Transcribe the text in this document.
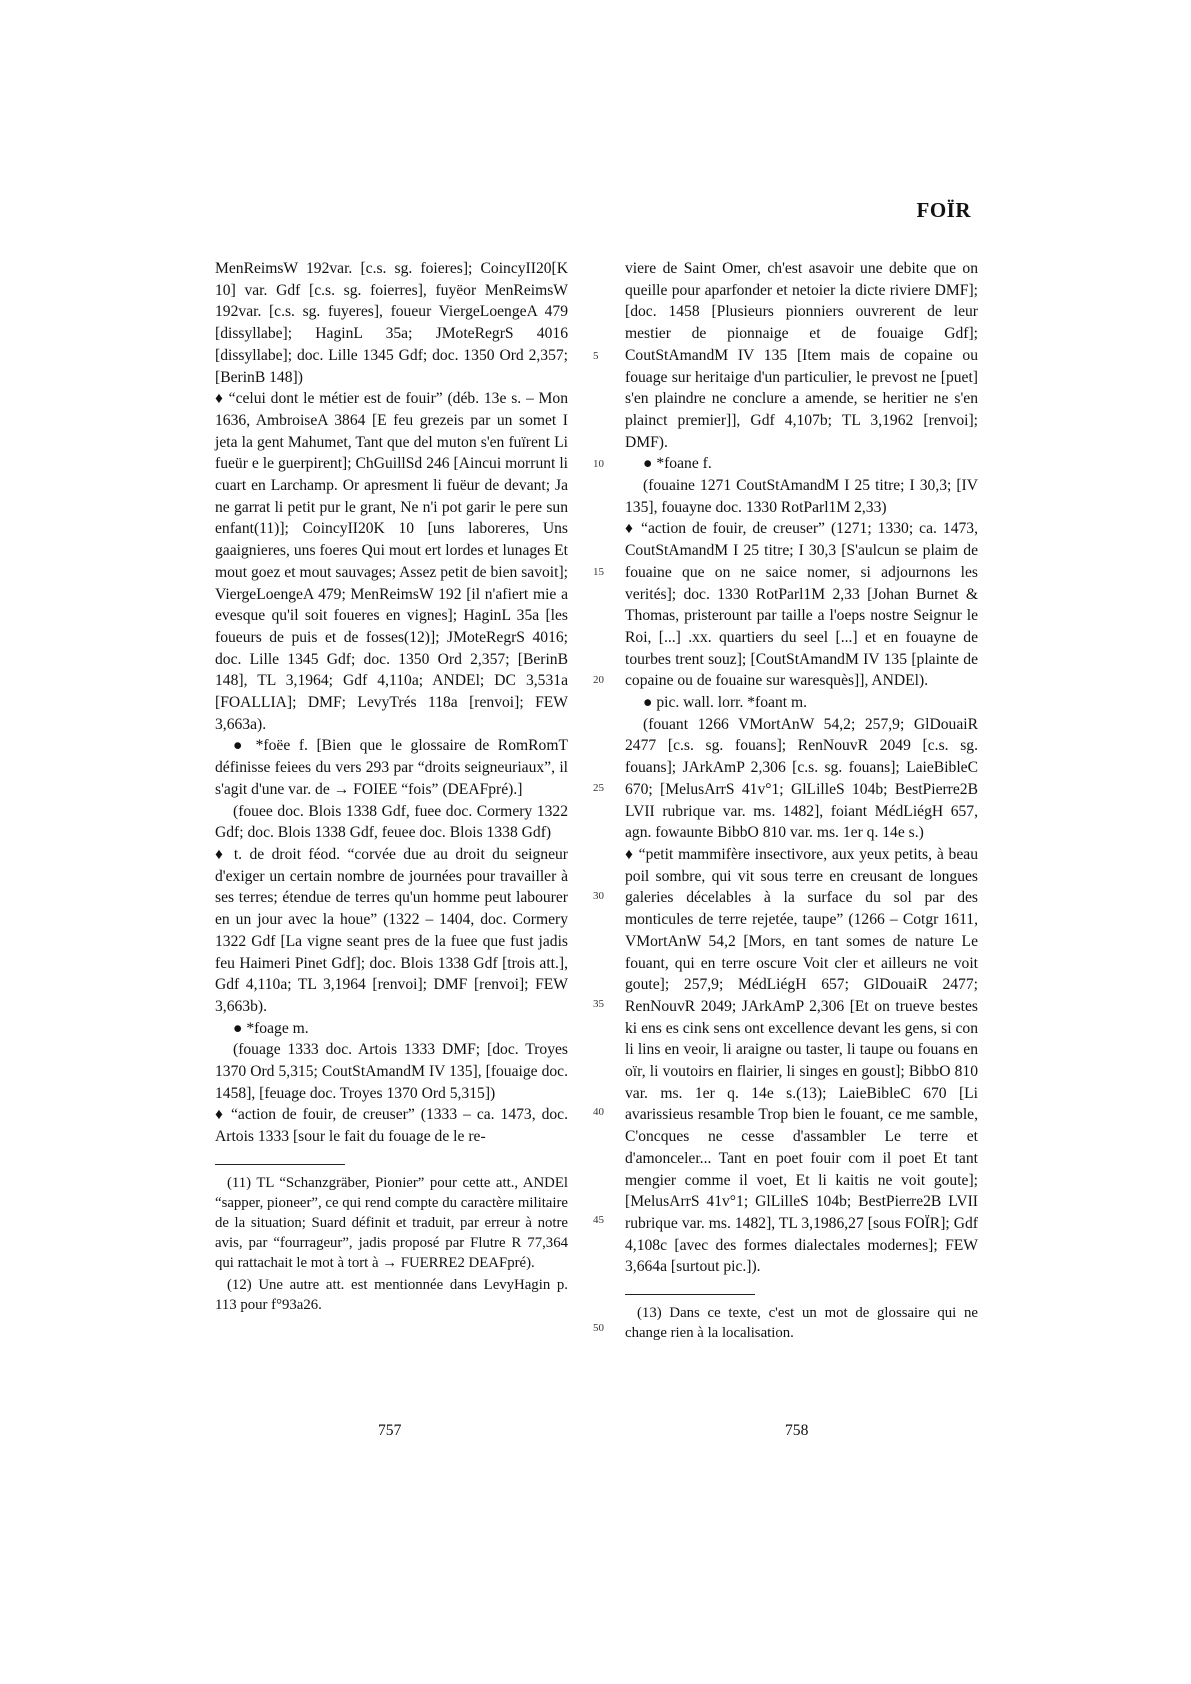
FOÏR
5
10
15
20
25
30
35
40
45
50

MenReimsW 192var. [c.s. sg. foieres]; CoincyII20[K 10] var. Gdf [c.s. sg. foierres], fuyëor MenReimsW 192var. [c.s. sg. fuyeres], foueur ViergeLoengeA 479 [dissyllabe]; HaginL 35a; JMoteRegrS 4016 [dissyllabe]; doc. Lille 1345 Gdf; doc. 1350 Ord 2,357; [BerinB 148])

♦ “celui dont le métier est de fouir” (déb. 13e s. – Mon 1636, AmbroiseA 3864 [E feu grezeis par un somet I jeta la gent Mahumet, Tant que del muton s'en fuïrent Li fueür e le guerpirent]; ChGuillSd 246 [Aincui morrunt li cuart en Larchamp. Or apresment li fuëur de devant; Ja ne garrat li petit pur le grant, Ne n'i pot garir le pere sun enfant(11)]; CoincyII20K 10 [uns laboreres, Uns gaaignieres, uns foeres Qui mout ert lordes et lunages Et mout goez et mout sauvages; Assez petit de bien savoit]; ViergeLoengeA 479; MenReimsW 192 [il n'afiert mie a evesque qu'il soit foueres en vignes]; HaginL 35a [les foueurs de puis et de fosses(12)]; JMoteRegrS 4016; doc. Lille 1345 Gdf; doc. 1350 Ord 2,357; [BerinB 148], TL 3,1964; Gdf 4,110a; ANDEl; DC 3,531a [FOALLIA]; DMF; LevyTrés 118a [renvoi]; FEW 3,663a).

● *foëe f. [Bien que le glossaire de RomRomT définisse feiees du vers 293 par “droits seigneuriaux”, il s'agit d'une var. de → FOIEE “fois” (DEAFpré).]

(fouee doc. Blois 1338 Gdf, fuee doc. Cormery 1322 Gdf; doc. Blois 1338 Gdf, feuee doc. Blois 1338 Gdf)

♦ t. de droit féod. “corvée due au droit du seigneur d'exiger un certain nombre de journées pour travailler à ses terres; étendue de terres qu'un homme peut labourer en un jour avec la houe” (1322 – 1404, doc. Cormery 1322 Gdf [La vigne seant pres de la fuee que fust jadis feu Haimeri Pinet Gdf]; doc. Blois 1338 Gdf [trois att.], Gdf 4,110a; TL 3,1964 [renvoi]; DMF [renvoi]; FEW 3,663b).

● *foage m.

(fouage 1333 doc. Artois 1333 DMF; [doc. Troyes 1370 Ord 5,315; CoutStAmandM IV 135], [fouaige doc. 1458], [feuage doc. Troyes 1370 Ord 5,315])

♦ “action de fouir, de creuser” (1333 – ca. 1473, doc. Artois 1333 [sour le fait du fouage de le re-

(11) TL “Schanzgräber, Pionier” pour cette att., ANDEl “sapper, pioneer”, ce qui rend compte du caractère militaire de la situation; Suard définit et traduit, par erreur à notre avis, par “fourrageur”, jadis proposé par Flutre R 77,364 qui rattachait le mot à tort à → FUERRE2 DEAFpré).

(12) Une autre att. est mentionnée dans LevyHagin p. 113 pour f°93a26.

viere de Saint Omer, ch'est asavoir une debite que on queille pour aparfonder et netoier la dicte riviere DMF]; [doc. 1458 [Plusieurs pionniers ouvrerent de leur mestier de pionnaige et de fouaige Gdf]; CoutStAmandM IV 135 [Item mais de copaine ou fouage sur heritaige d'un particulier, le prevost ne [puet] s'en plaindre ne conclure a amende, se heritier ne s'en plainct premier]], Gdf 4,107b; TL 3,1962 [renvoi]; DMF).

● *foane f.

(fouaine 1271 CoutStAmandM I 25 titre; I 30,3; [IV 135], fouayne doc. 1330 RotParl1M 2,33)

♦ “action de fouir, de creuser” (1271; 1330; ca. 1473, CoutStAmandM I 25 titre; I 30,3 [S'aulcun se plaim de fouaine que on ne saice nomer, si adjournons les verités]; doc. 1330 RotParl1M 2,33 [Johan Burnet & Thomas, pristerount par taille a l'oeps nostre Seignur le Roi, [...] .xx. quartiers du seel [...] et en fouayne de tourbes trent souz]; [CoutStAmandM IV 135 [plainte de copaine ou de fouaine sur waresquès]], ANDEl).

● pic. wall. lorr. *foant m.

(fouant 1266 VMortAnW 54,2; 257,9; GlDouaiR 2477 [c.s. sg. fouans]; RenNouvR 2049 [c.s. sg. fouans]; JArkAmP 2,306 [c.s. sg. fouans]; LaieBibleC 670; [MelusArrS 41v°1; GlLilleS 104b; BestPierre2B LVII rubrique var. ms. 1482], foiant MédLiégH 657, agn. fowaunte BibbO 810 var. ms. 1er q. 14e s.)

♦ “petit mammifère insectivore, aux yeux petits, à beau poil sombre, qui vit sous terre en creusant de longues galeries décelables à la surface du sol par des monticules de terre rejetée, taupe” (1266 – Cotgr 1611, VMortAnW 54,2 [Mors, en tant somes de nature Le fouant, qui en terre oscure Voit cler et ailleurs ne voit goute]; 257,9; MédLiégH 657; GlDouaiR 2477; RenNouvR 2049; JArkAmP 2,306 [Et on trueve bestes ki ens es cink sens ont excellence devant les gens, si con li lins en veoir, li araigne ou taster, li taupe ou fouans en oïr, li voutoirs en flairier, li singes en goust]; BibbO 810 var. ms. 1er q. 14e s.(13); LaieBibleC 670 [Li avarissieus resamble Trop bien le fouant, ce me samble, C'oncques ne cesse d'assambler Le terre et d'amonceler... Tant en poet fouir com il poet Et tant mengier comme il voet, Et li kaitis ne voit goute]; [MelusArrS 41v°1; GlLilleS 104b; BestPierre2B LVII rubrique var. ms. 1482], TL 3,1986,27 [sous FOÏR]; Gdf 4,108c [avec des formes dialectales modernes]; FEW 3,664a [surtout pic.]).

(13) Dans ce texte, c'est un mot de glossaire qui ne change rien à la localisation.

757	758
